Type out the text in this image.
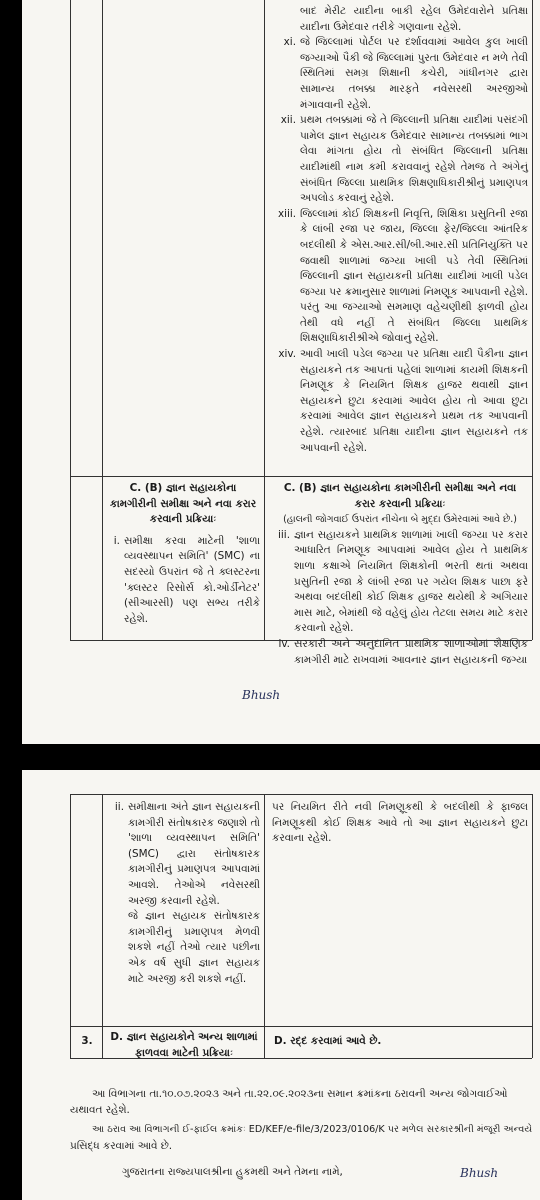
બાદ મેરીટ યાદીના બાકી રહેલ ઉમેદવારોને પ્રતિક્ષા યાદીના ઉમેદવાર તરીકે ગણવાના રહેશે.
xi. જે જિલ્લામાં પોર્ટલ પર દર્શાવવામાં આવેલ કુલ ખાલી જગ્યાઓ પૈકી જે જિલ્લામાં પુરતા ઉમેદવાર ન મળે તેવી સ્થિતિમાં સમગ્ર શિક્ષાની કચેરી, ગાંધીનગર દ્વારા સામાન્ય તબક્કા મારફતે નવેસરથી અરજીઓ મંગાવવાની રહેશે.
xii. પ્રથમ તબક્કામાં જે તે જિલ્લાની પ્રતિક્ષા યાદીમાં પસંદગી પામેલ જ્ઞાન સહાયક ઉમેદવાર સામાન્ય તબક્કામાં ભાગ લેવા માંગતા હોય તો સંબંધિત જિલ્લાની પ્રતિક્ષા યાદીમાંથી નામ કમી કરાવવાનું રહેશે તેમજ તે અંગેનું સંબંધિત જિલ્લા પ્રાથમિક શિક્ષણાધિકારીશ્રીનું પ્રમાણપત્ર અપલોડ કરવાનું રહેશે.
xiii. જિલ્લામાં કોઈ શિક્ષકની નિવૃત્તિ, શિક્ષિકા પ્રસુતિની રજા કે લાંબી રજા પર જાય, જિલ્લા ફેર/જિલ્લા આંતરિક બદલીથી કે એસ.આર.સી/બી.આર.સી પ્રતિનિયુક્તિ પર જવાથી શાળામાં જગ્યા ખાલી પડે તેવી સ્થિતિમાં જિલ્લાની જ્ઞાન સહાયકની પ્રતિક્ષા યાદીમાં ખાલી પડેલ જગ્યા પર ક્રમાનુસાર શાળામાં નિમણૂક આપવાની રહેશે. પરંતુ આ જગ્યાઓ સમમાણ વહેચણીથી ફાળવી હોય તેથી વધે નહીં તે સંબંધિત જિલ્લા પ્રાથમિક શિક્ષણાધિકારીશ્રીએ જોવાનું રહેશે.
xiv. આવી ખાલી પડેલ જગ્યા પર પ્રતિક્ષા યાદી પૈકીના જ્ઞાન સહાયકને તક આપતાં પહેલાં શાળામાં કાયમી શિક્ષકની નિમણૂક કે નિયમિત શિક્ષક હાજર થવાથી જ્ઞાન સહાયકને છુટા કરવામાં આવેલ હોય તો આવા છુટા કરવામાં આવેલ જ્ઞાન સહાયકને પ્રથમ તક આપવાની રહેશે. ત્યારબાદ પ્રતિક્ષા યાદીના જ્ઞાન સહાયકને તક આપવાની રહેશે.
C. (B) જ્ઞાન સહાયકોના કામગીરીની સમીક્ષા અને નવા કરાર કરવાની પ્રક્રિયાઃ
i. સમીક્ષા કરવા માટેની 'શાળા વ્યવસ્થાપન સમિતિ' (SMC) ના સદસ્યો ઉપરાંત જે તે ક્લસ્ટરના 'ક્લસ્ટર રિસોર્સ કો.ઓર્ડીનેટર' (સીઆરસી) પણ સભ્ય તરીકે રહેશે.
C. (B) જ્ઞાન સહાયકોના કામગીરીની સમીક્ષા અને નવા કરાર કરવાની પ્રક્રિયાઃ
(હાલની જોગવાઈ ઉપરાંત નીચેના બે મુદ્દા ઉમેરવામાં આવે છે.)
iii. જ્ઞાન સહાયકને પ્રાથમિક શાળામાં ખાલી જગ્યા પર કરાર આધારિત નિમણૂક આપવામાં આવેલ હોય તે પ્રાથમિક શાળા કક્ષાએ નિયમિત શિક્ષકોની ભરતી થતાં અથવા પ્રસુતિની રજા કે લાંબી રજા પર ગયેલ શિક્ષક પાછા ફરે અથવા બદલીથી કોઈ શિક્ષક હાજર થયેથી કે અગિયાર માસ માટે, બેમાંથી જે વહેલું હોય તેટલા સમય માટે કરાર કરવાનો રહેશે.
iv. સરકારી અને અનુદાનિત પ્રાથમિક શાળાઓમાં શૈક્ષણિક કામગીરી માટે રાખવામાં આવનાર જ્ઞાન સહાયકની જગ્યા
Bhush
ii. સમીક્ષાના અંતે જ્ઞાન સહાયકની કામગીરી સંતોષકારક જણાશે તો 'શાળા વ્યવસ્થાપન સમિતિ' (SMC) દ્વારા સંતોષકારક કામગીરીનું પ્રમાણપત્ર આપવામાં આવશે. તેઓએ નવેસરથી અરજી કરવાની રહેશે.
જે જ્ઞાન સહાયક સંતોષકારક કામગીરીનું પ્રમાણપત્ર મેળવી શકશે નહીં તેઓ ત્યાર પછીના એક વર્ષ સુધી જ્ઞાન સહાયક માટે અરજી કરી શકશે નહીં.
પર નિયમિત રીતે નવી નિમણૂકથી કે બદલીથી કે ફાજલ નિમણૂકથી કોઈ શિક્ષક આવે તો આ જ્ઞાન સહાયકને છુટા કરવાના રહેશે.
3.	D. જ્ઞાન સહાયકોને અન્ય શાળામાં ફાળવવા માટેની પ્રક્રિયાઃ
D. રદ્દ કરવામાં આવે છે.
આ વિભાગના તા.૧૦.૦૭.૨૦૨૩ અને તા.૨૨.૦૯.૨૦૨૩ના સમાન ક્રમાંકના ઠરાવની અન્ય જોગવાઈઓ
યથાવત રહેશે.
આ ઠરાવ આ વિભાગની ઈ-ફાઈલ ક્રમાંકઃ ED/KEF/e-file/3/2023/0106/K પર મળેલ સરકારશ્રીની મંજૂરી અન્વયે
પ્રસિદ્ધ કરવામાં આવે છે.
ગુજરાતના રાજ્યપાલશ્રીના હુકમથી અને તેમના નામે,	Bhush
